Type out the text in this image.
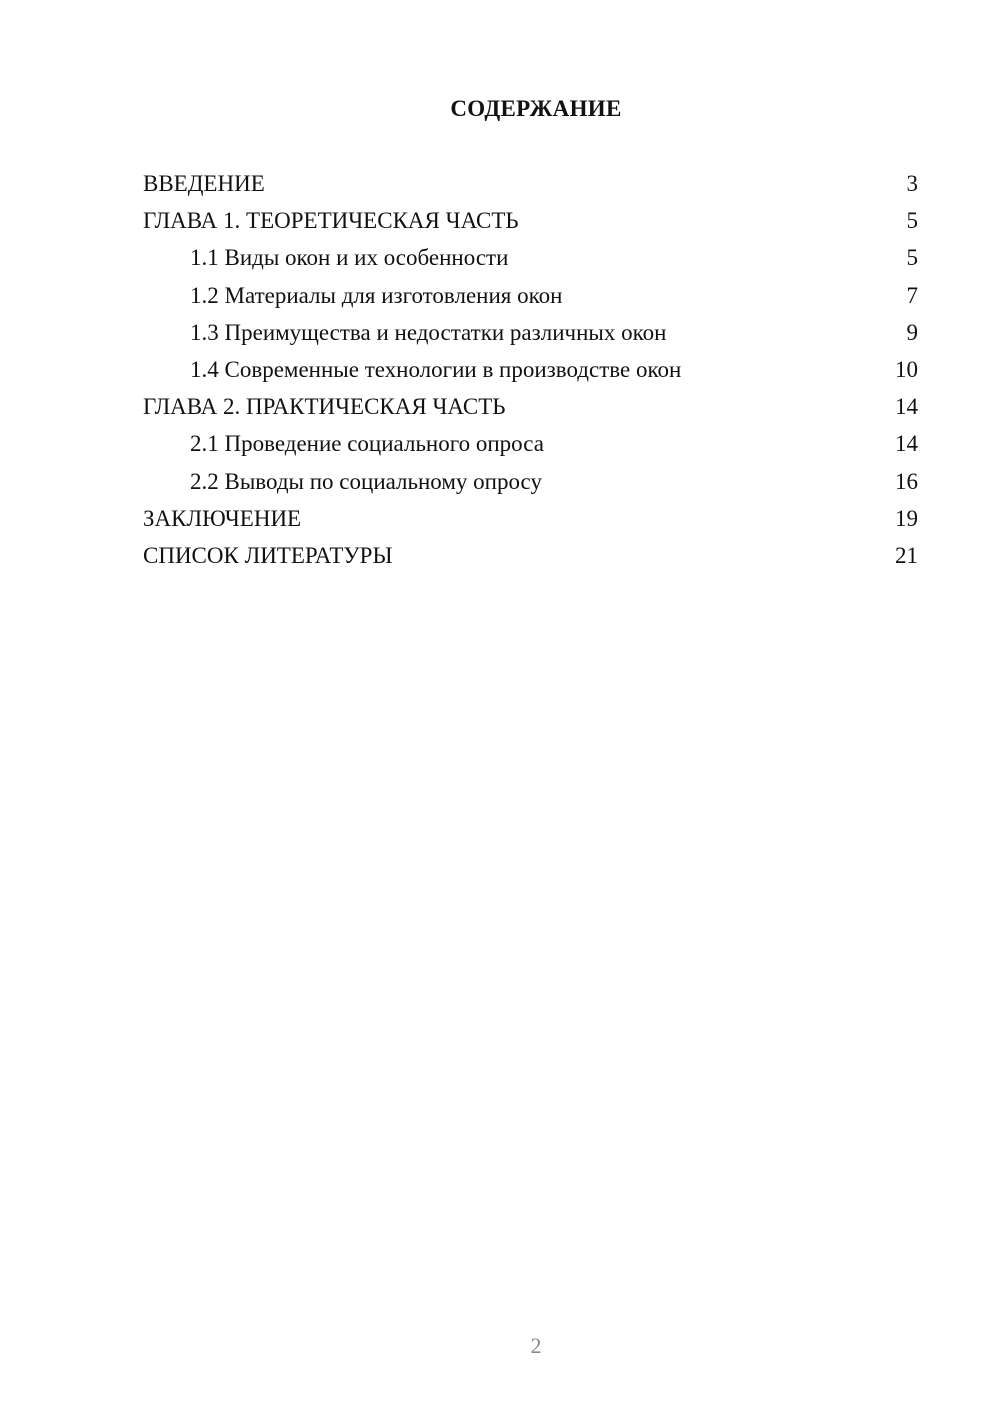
СОДЕРЖАНИЕ
ВВЕДЕНИЕ	3
ГЛАВА 1. ТЕОРЕТИЧЕСКАЯ ЧАСТЬ	5
1.1 Виды окон и их особенности	5
1.2 Материалы для изготовления окон	7
1.3 Преимущества и недостатки различных окон	9
1.4 Современные технологии в производстве окон	10
ГЛАВА 2. ПРАКТИЧЕСКАЯ ЧАСТЬ	14
2.1 Проведение социального опроса	14
2.2 Выводы по социальному опросу	16
ЗАКЛЮЧЕНИЕ	19
СПИСОК ЛИТЕРАТУРЫ	21
2
